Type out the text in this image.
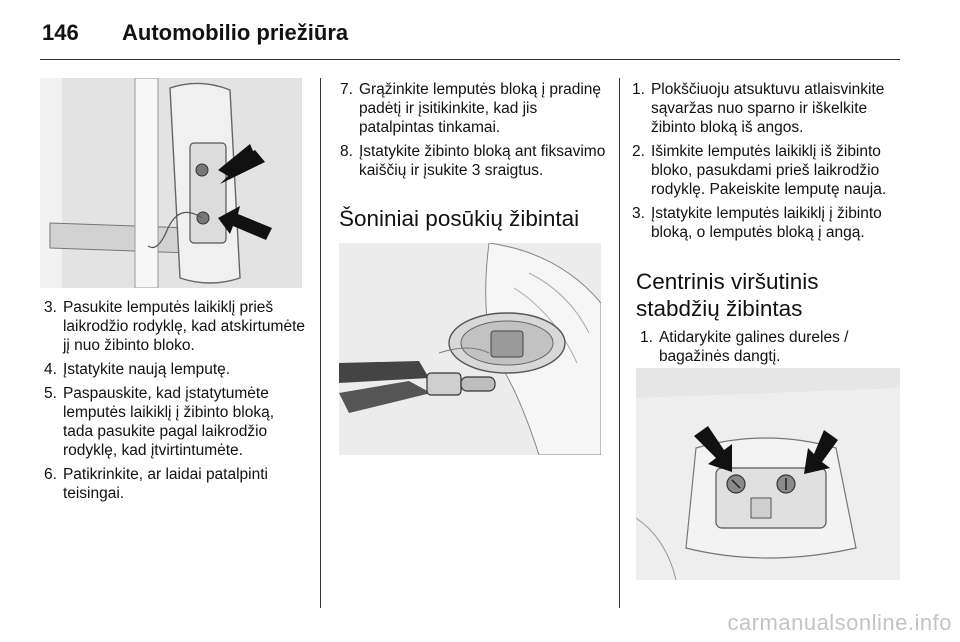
146 Automobilio priežiūra
3. Pasukite lemputės laikiklį prieš laikrodžio rodyklę, kad atskirtumėte jį nuo žibinto bloko.
4. Įstatykite naują lemputę.
5. Paspauskite, kad įstatytumėte lemputės laikiklį į žibinto bloką, tada pasukite pagal laikrodžio rodyklę, kad įtvirtintumėte.
6. Patikrinkite, ar laidai patalpinti teisingai.
7. Grąžinkite lemputės bloką į pradinę padėtį ir įsitikinkite, kad jis patalpintas tinkamai.
8. Įstatykite žibinto bloką ant fiksavimo kaiščių ir įsukite 3 sraigtus.
Šoniniai posūkių žibintai
1. Plokščiuoju atsuktuvu atlaisvinkite sąvaržas nuo sparno ir iškelkite žibinto bloką iš angos.
2. Išimkite lemputės laikiklį iš žibinto bloko, pasukdami prieš laikrodžio rodyklę. Pakeiskite lemputę nauja.
3. Įstatykite lemputės laikiklį į žibinto bloką, o lemputės bloką į angą.
Centrinis viršutinis stabdžių žibintas
1. Atidarykite galines dureles / bagažinės dangtį.
carmanualsonline.info
